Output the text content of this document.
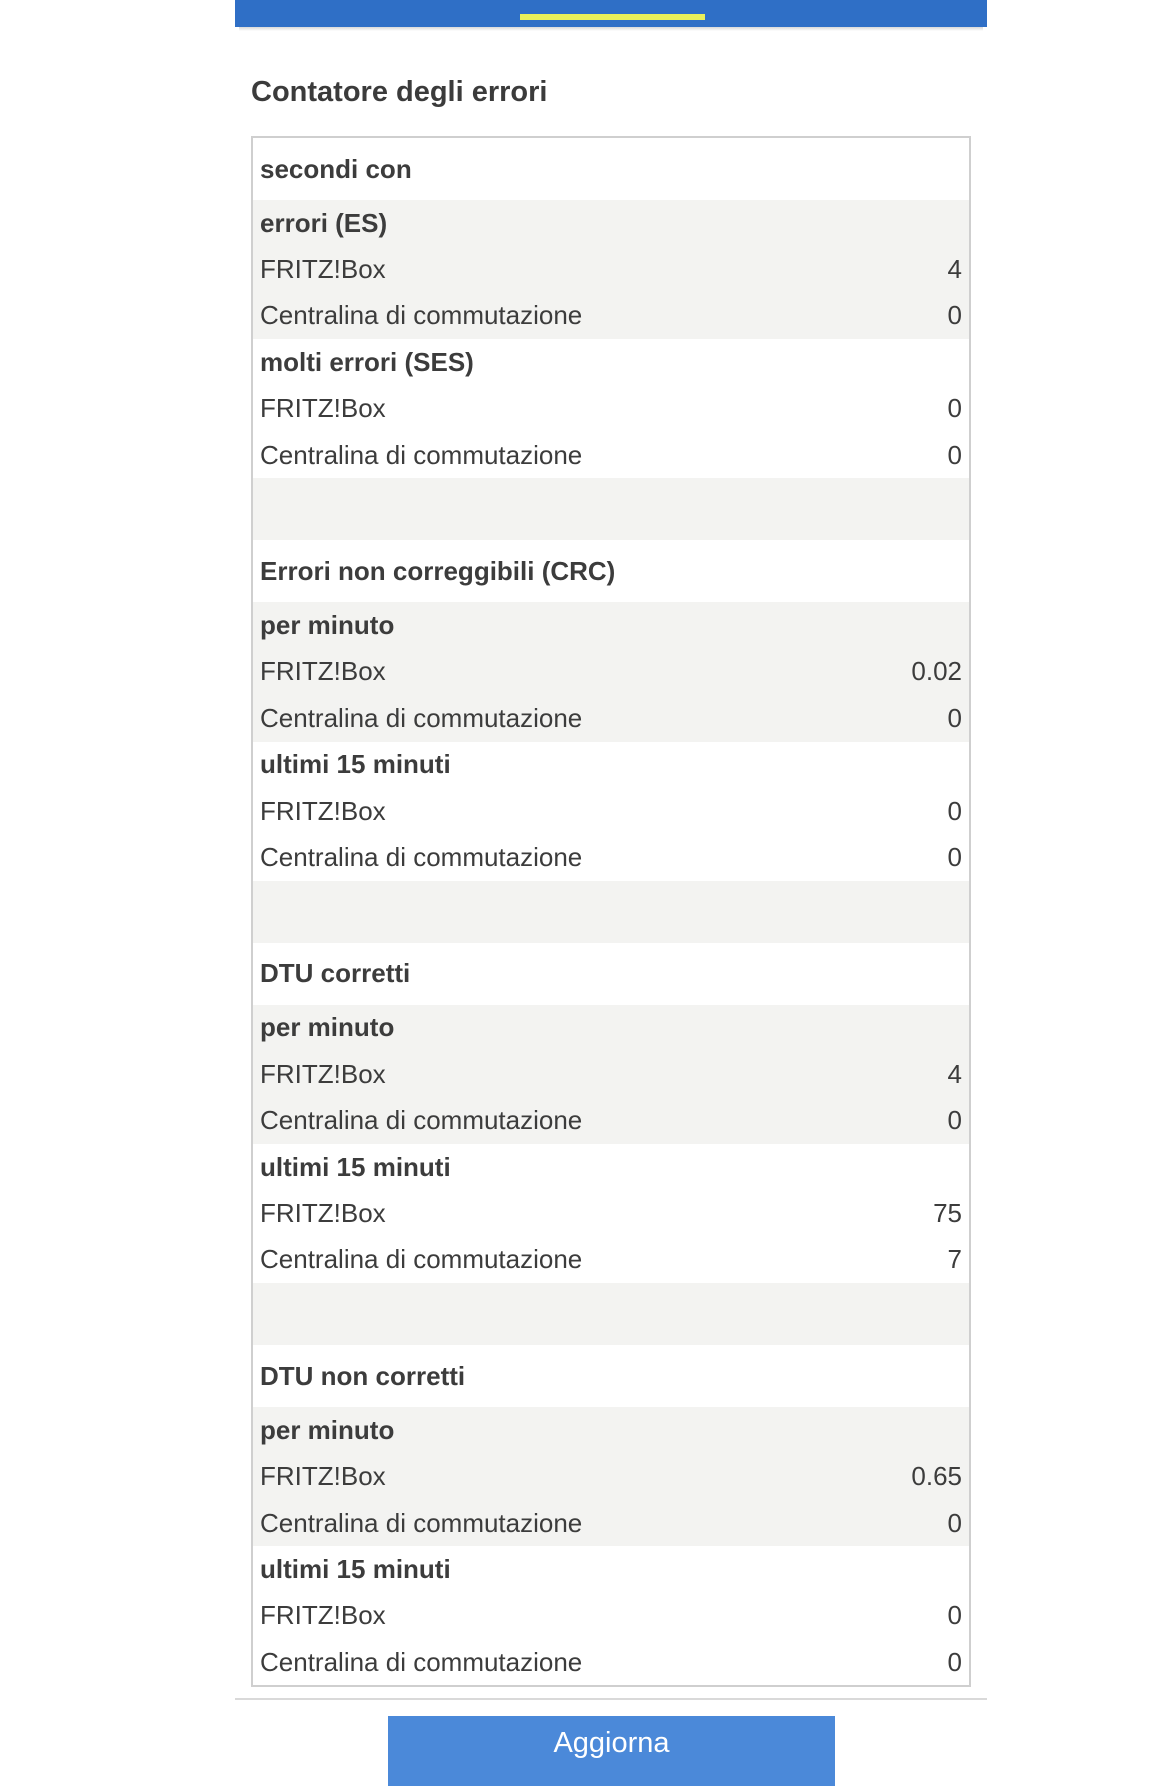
Contatore degli errori
secondi con
errori (ES)
FRITZ!Box	4
Centralina di commutazione	0
molti errori (SES)
FRITZ!Box	0
Centralina di commutazione	0
Errori non correggibili (CRC)
per minuto
FRITZ!Box	0.02
Centralina di commutazione	0
ultimi 15 minuti
FRITZ!Box	0
Centralina di commutazione	0
DTU corretti
per minuto
FRITZ!Box	4
Centralina di commutazione	0
ultimi 15 minuti
FRITZ!Box	75
Centralina di commutazione	7
DTU non corretti
per minuto
FRITZ!Box	0.65
Centralina di commutazione	0
ultimi 15 minuti
FRITZ!Box	0
Centralina di commutazione	0
Aggiorna
